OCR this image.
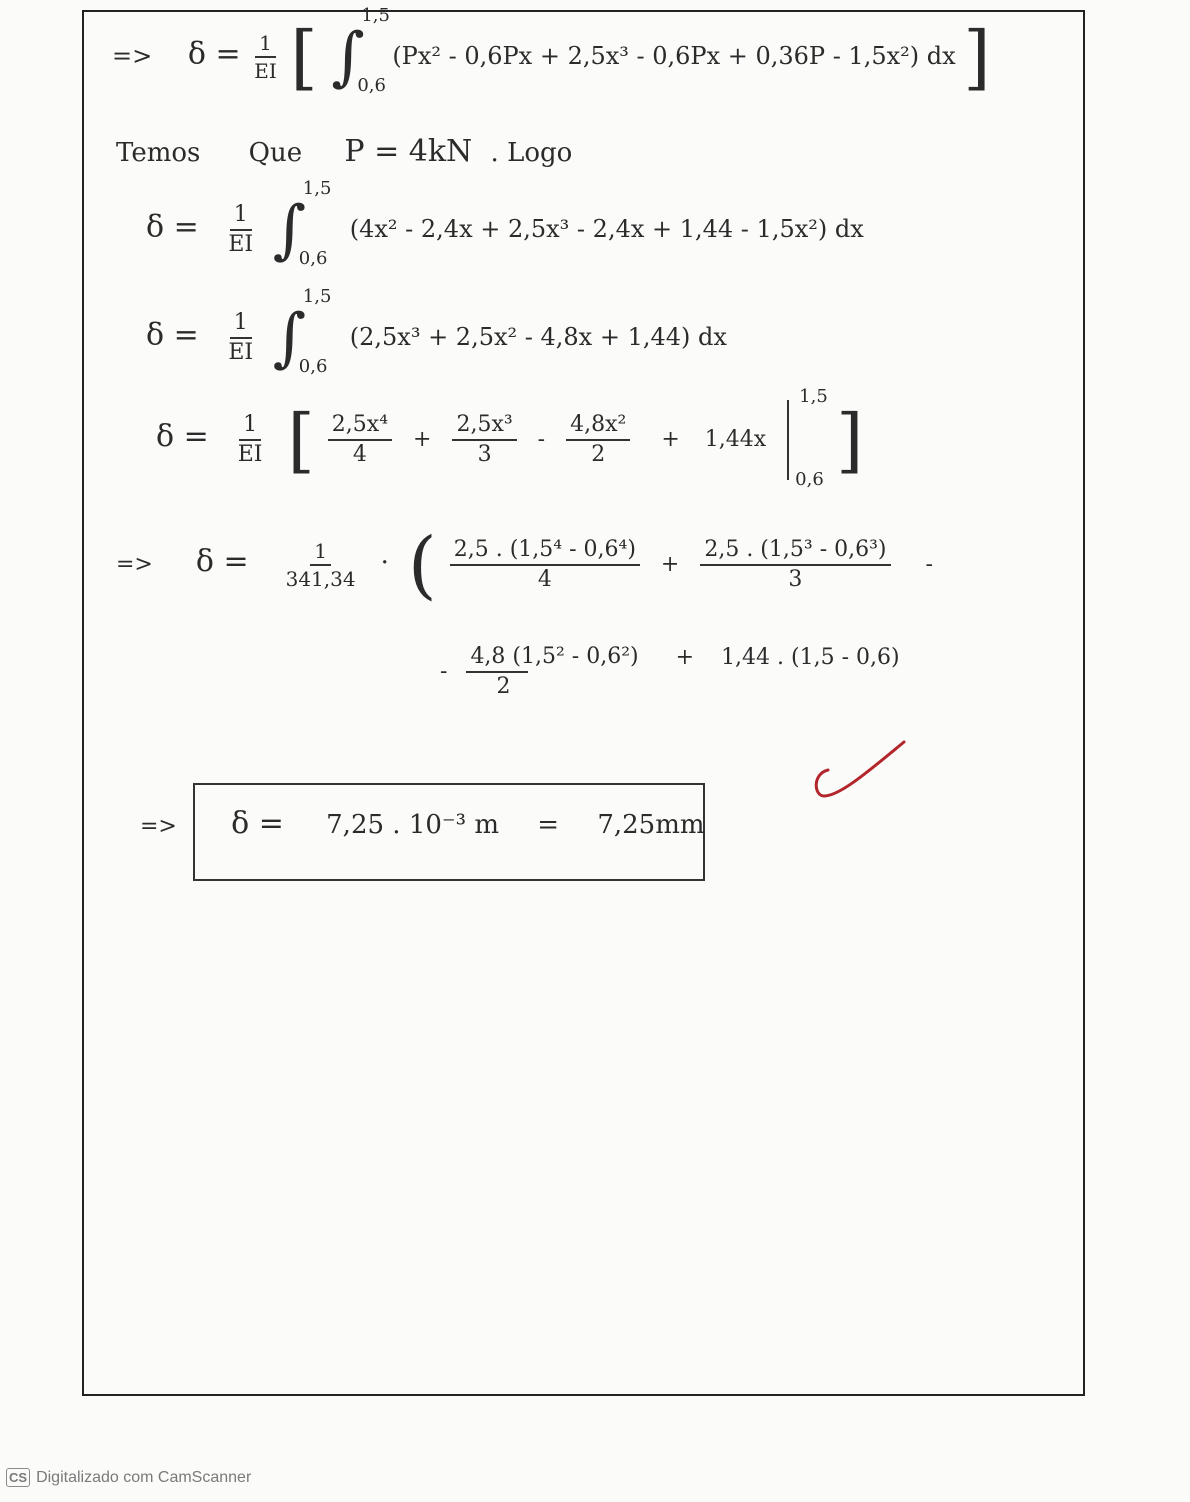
=> $\delta = \frac{1}{EI}$ [ ∫
1,5
0,6
(Px² - 0,6Px + 2,5x³ - 0,6Px + 0,36P - 1,5x²) dx ]
Temos Que P = 4kN . Logo
$\delta = \frac{1}{EI}$ ∫
1,5
0,6
(4x² - 2,4x + 2,5x³ - 2,4x + 1,44 - 1,5x²) dx
$\delta = \frac{1}{EI}$ ∫
1,5
0,6
(2,5x³ + 2,5x² - 4,8x + 1,44) dx
$\delta = \frac{1}{EI}$ [ $\frac{\text{2,5x⁴}}{4} + \frac{\text{2,5x³}}{3} - \frac{\text{4,8x²}}{2} + 1,44x$
1,5
0,6 ]
=> $\delta = \frac{1}{341,34}$ · ( $\frac{\text{2,5 . (1,5⁴ - 0,6⁴)}}{4} + \frac{\text{2,5 . (1,5³ - 0,6³)}}{3}$ -
- $\frac{\text{4,8 (1,5² - 0,6²)}}{2} + 1,44$ . (1,5 - 0,6)
=> δ = 7,25 . 10⁻³ m = 7,25mm
CS Digitalizado com CamScanner
